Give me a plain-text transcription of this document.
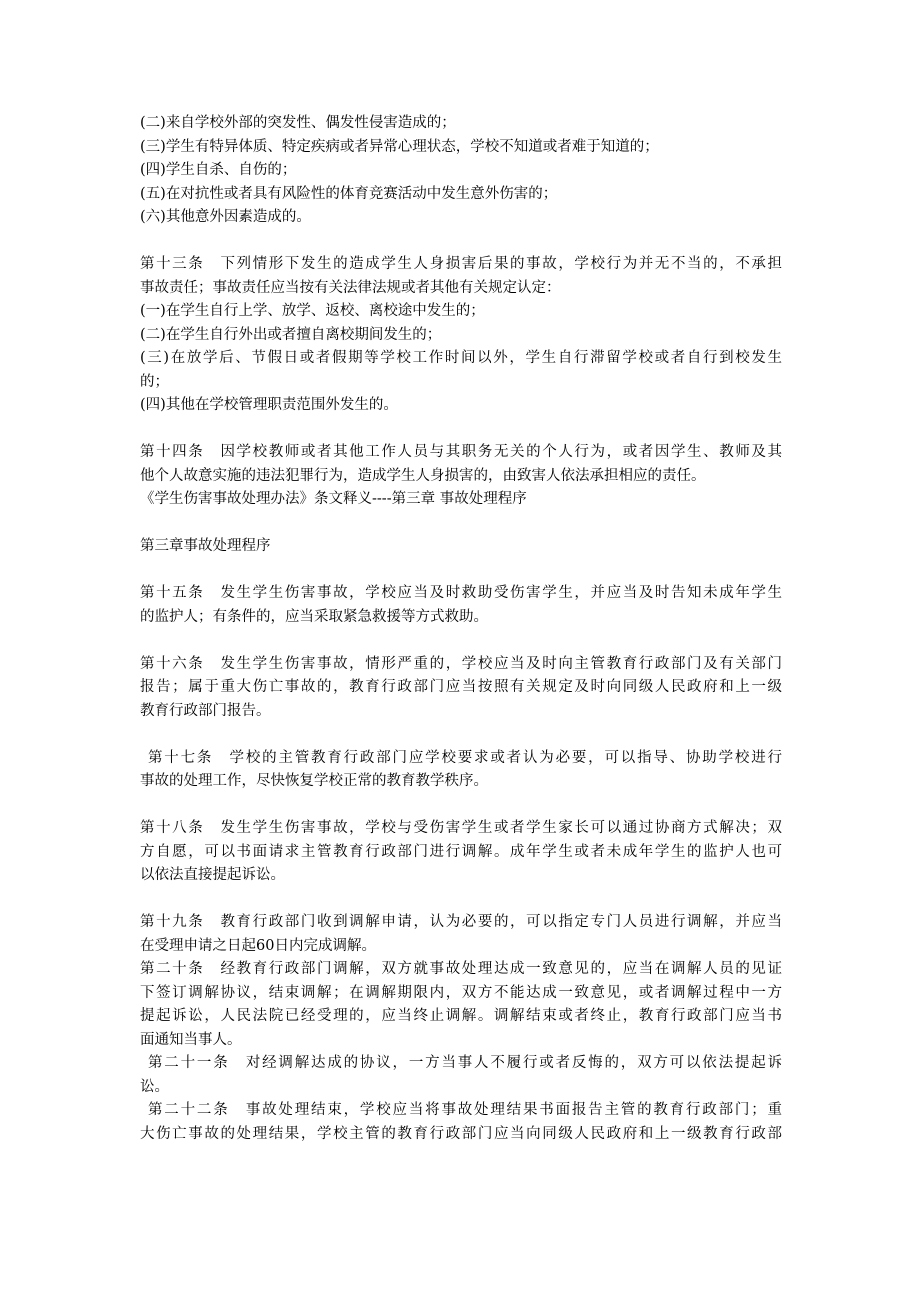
(二)来自学校外部的突发性、偶发性侵害造成的；
(三)学生有特异体质、特定疾病或者异常心理状态，学校不知道或者难于知道的；
(四)学生自杀、自伤的；
(五)在对抗性或者具有风险性的体育竞赛活动中发生意外伤害的；
(六)其他意外因素造成的。
第十三条　下列情形下发生的造成学生人身损害后果的事故，学校行为并无不当的，不承担
事故责任；事故责任应当按有关法律法规或者其他有关规定认定：
(一)在学生自行上学、放学、返校、离校途中发生的；
(二)在学生自行外出或者擅自离校期间发生的；
(三)在放学后、节假日或者假期等学校工作时间以外，学生自行滞留学校或者自行到校发生
的；
(四)其他在学校管理职责范围外发生的。
第十四条　因学校教师或者其他工作人员与其职务无关的个人行为，或者因学生、教师及其
他个人故意实施的违法犯罪行为，造成学生人身损害的，由致害人依法承担相应的责任。
《学生伤害事故处理办法》条文释义----第三章 事故处理程序
第三章事故处理程序
第十五条　发生学生伤害事故，学校应当及时救助受伤害学生，并应当及时告知未成年学生
的监护人；有条件的，应当采取紧急救援等方式救助。
第十六条　发生学生伤害事故，情形严重的，学校应当及时向主管教育行政部门及有关部门
报告；属于重大伤亡事故的，教育行政部门应当按照有关规定及时向同级人民政府和上一级
教育行政部门报告。
第十七条　学校的主管教育行政部门应学校要求或者认为必要，可以指导、协助学校进行
事故的处理工作，尽快恢复学校正常的教育教学秩序。
第十八条　发生学生伤害事故，学校与受伤害学生或者学生家长可以通过协商方式解决；双
方自愿，可以书面请求主管教育行政部门进行调解。成年学生或者未成年学生的监护人也可
以依法直接提起诉讼。
第十九条　教育行政部门收到调解申请，认为必要的，可以指定专门人员进行调解，并应当
在受理申请之日起60日内完成调解。
第二十条　经教育行政部门调解，双方就事故处理达成一致意见的，应当在调解人员的见证
下签订调解协议，结束调解；在调解期限内，双方不能达成一致意见，或者调解过程中一方
提起诉讼，人民法院已经受理的，应当终止调解。调解结束或者终止，教育行政部门应当书
面通知当事人。
第二十一条　对经调解达成的协议，一方当事人不履行或者反悔的，双方可以依法提起诉
讼。
第二十二条　事故处理结束，学校应当将事故处理结果书面报告主管的教育行政部门；重
大伤亡事故的处理结果，学校主管的教育行政部门应当向同级人民政府和上一级教育行政部
